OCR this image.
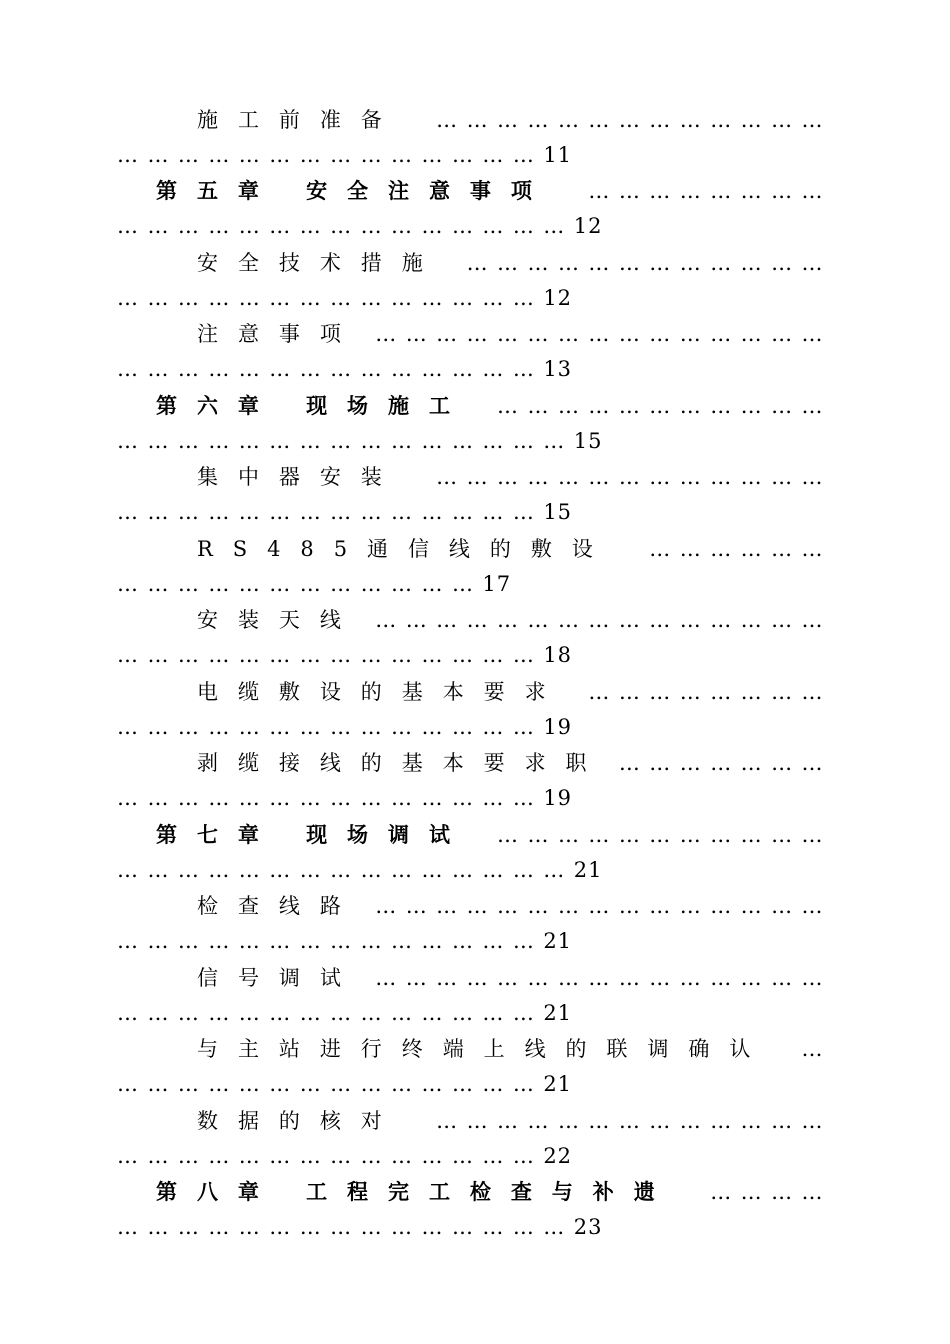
施工前准备 …………………………………
……………………………………11
第五章 安全注意事项 ……………………
………………………………………12
安全技术措施 ………………………………
……………………………………12
注意事项 ………………………………………
……………………………………13
第六章 现场施工 ……………………………
………………………………………15
集中器安装 …………………………………
……………………………………15
RS485通信线的敷设 ………………
………………………………17
安装天线 ………………………………………
……………………………………18
电缆敷设的基本要求 ……………………
……………………………………19
剥缆接线的基本要求职 …………………
……………………………………19
第七章 现场调试 ……………………………
………………………………………21
检查线路 ………………………………………
……………………………………21
信号调试 ………………………………………
……………………………………21
与主站进行终端上线的联调确认 …
……………………………………21
数据的核对 …………………………………
……………………………………22
第八章 工程完工检查与补遗 …………
………………………………………23
